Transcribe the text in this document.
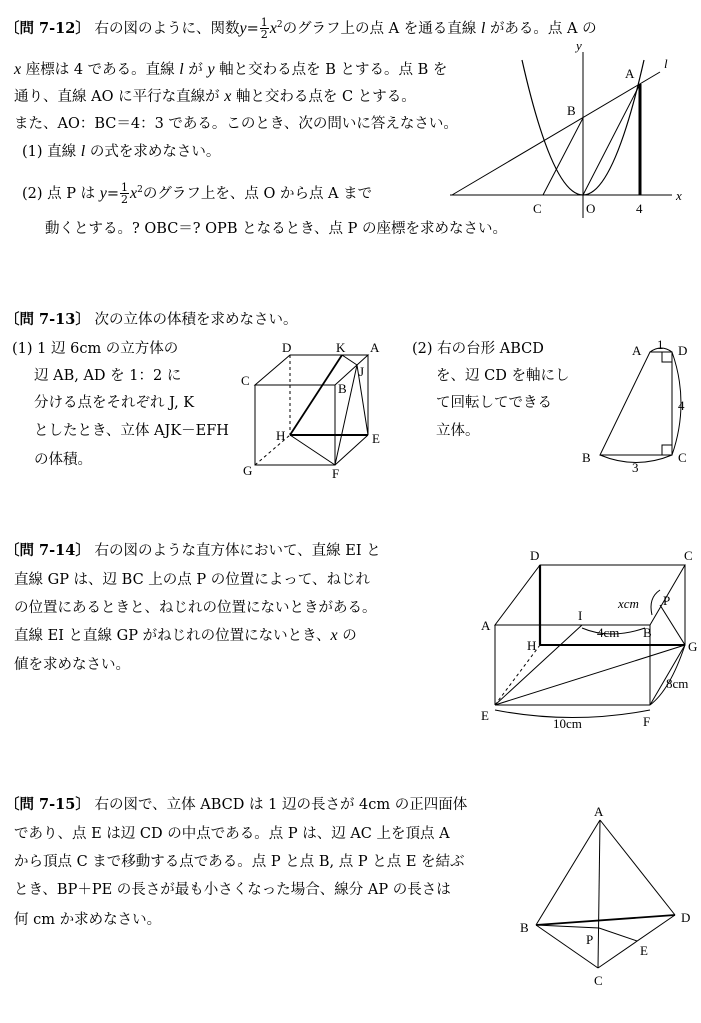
〔問 7-12〕 右の図のように、関数$y= \frac{1}{2} x^2$のグラフ上の点 A を通る直線 l がある。点 A の
x 座標は 4 である。直線 l が y 軸と交わる点を B とする。点 B を
通り、直線 AO に平行な直線が x 軸と交わる点を C とする。
また、AO：BC＝4：3 である。このとき、次の問いに答えなさい。
(1) 直線 l の式を求めなさい。
(2) 点 P は $y= \frac{1}{2} x^2$のグラフ上を、点 O から点 A まで
動くとする。? OBC＝? OPB となるとき、点 P の座標を求めなさい。
〔問 7-13〕 次の立体の体積を求めなさい。
(1) 1 辺 6cm の立方体の
辺 AB, AD を 1：2 に
分ける点をそれぞれ J, K
としたとき、立体 AJK－EFH
の体積。
(2) 右の台形 ABCD
を、辺 CD を軸にし
て回転してできる
立体。
〔問 7-14〕 右の図のような直方体において、直線 EI と
直線 GP は、辺 BC 上の点 P の位置によって、ねじれ
の位置にあるときと、ねじれの位置にないときがある。
直線 EI と直線 GP がねじれの位置にないとき、x の
値を求めなさい。
〔問 7-15〕 右の図で、立体 ABCD は 1 辺の長さが 4cm の正四面体
であり、点 E は辺 CD の中点である。点 P は、辺 AC 上を頂点 A
から頂点 C まで移動する点である。点 P と点 B, 点 P と点 E を結ぶ
とき、BP＋PE の長さが最も小さくなった場合、線分 AP の長さは
何 cm か求めなさい。
y
x
l
A
B
C	O	4
D	K A
C
J
B
H	E
G	F
A	D
B	C
1
4
3
D	C
P
A
I
B
H	G
E	F
xcm
4cm
10cm
8cm
A
B
D
P
E
C
